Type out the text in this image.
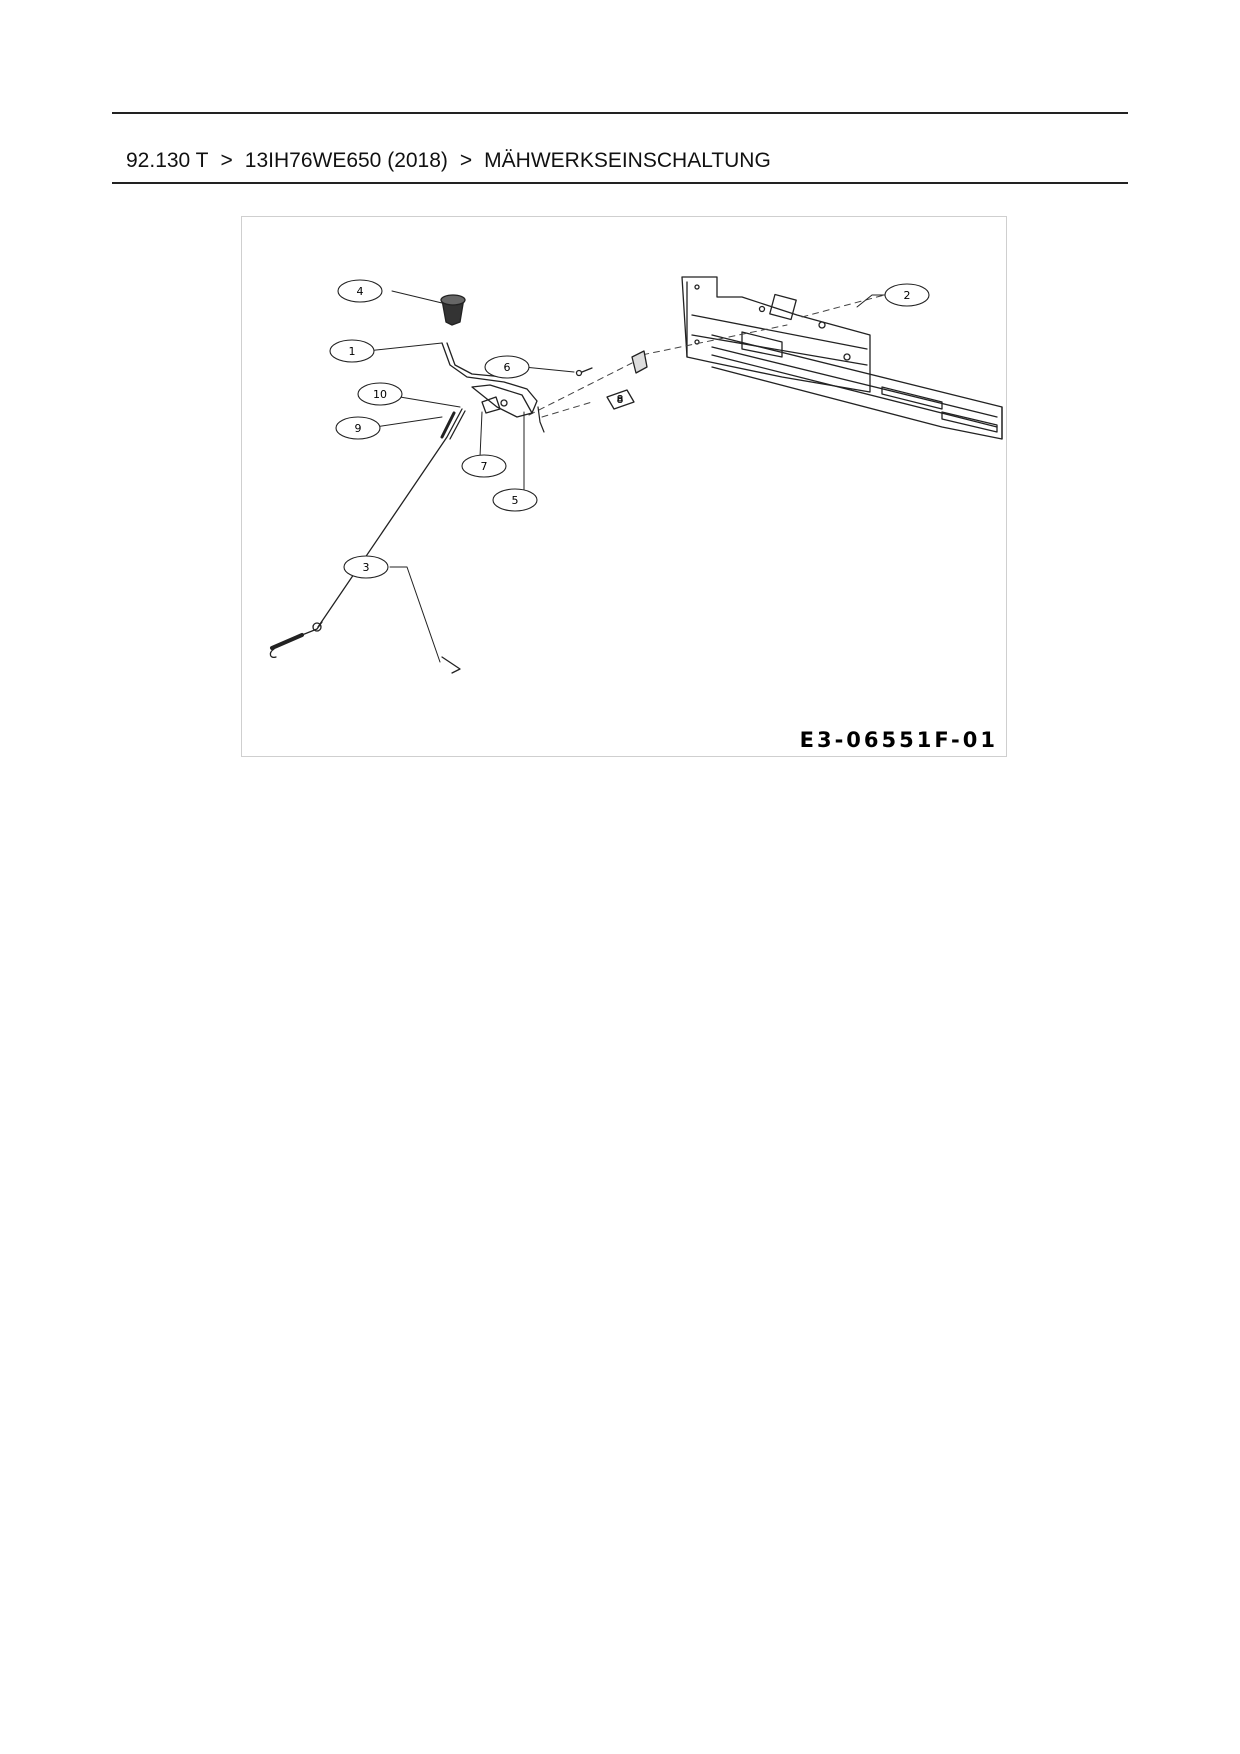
92.130 T > 13IH76WE650 (2018) > MÄHWERKSEINSCHALTUNG
4
1
2
6
10
9
7
5
3
8
E3-06551F-01
